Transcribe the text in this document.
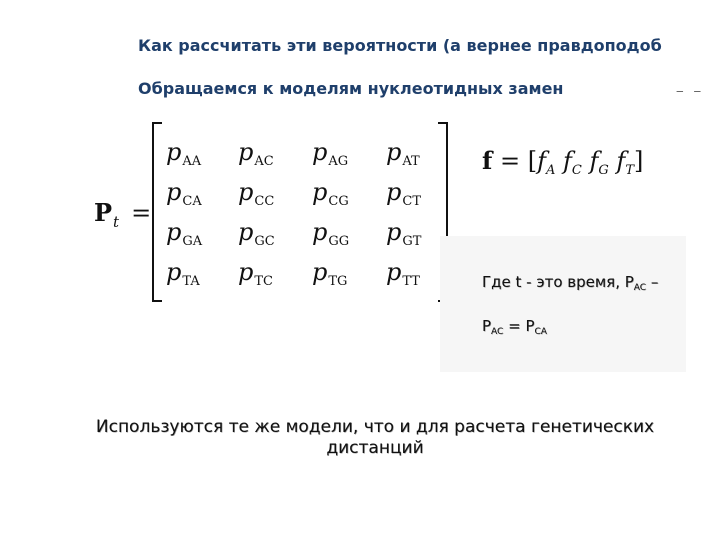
Как рассчитать эти вероятности (а вернее правдоподоб
Обращаемся к моделям нуклеотидных замен	‒ ‒
$P_t$ =
$p_{AA}$	$p_{AC}$	$p_{AG}$	$p_{AT}$
$p_{CA}$	$p_{CC}$	$p_{CG}$	$p_{CT}$
$p_{GA}$	$p_{GC}$	$p_{GG}$	$p_{GT}$
$p_{TA}$	$p_{TC}$	$p_{TG}$	$p_{TT}$
$f = [f_A$ $f_C$ $f_G$ $f_T$]
Где t - это время, $P_{AC}$ –
$P_{AC} = P_{CA}$
Используются те же модели, что и для расчета генетических
дистанций
